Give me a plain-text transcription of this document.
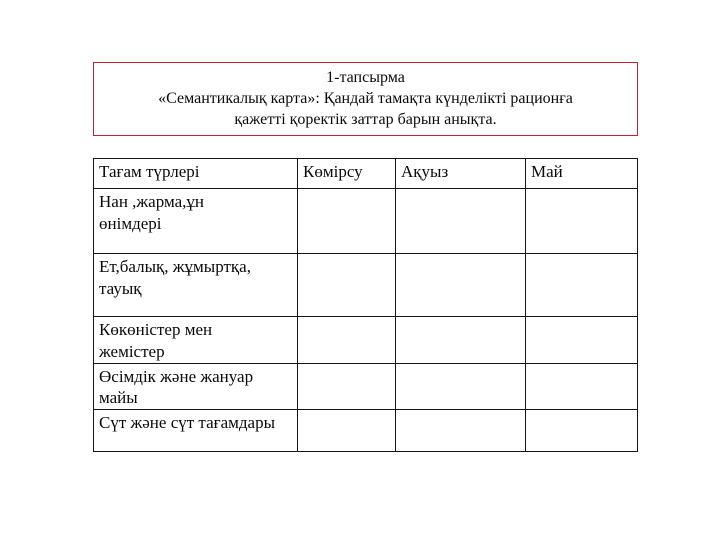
1-тапсырма
«Семантикалық карта»: Қандай тамақта күнделікті рационға
қажетті қоректік заттар барын анықта.
Тағам түрлері	Көмірсу	Ақуыз	Май

Нан ,жарма,ұн
өнімдері			

Ет,балық, жұмыртқа,
тауық			

Көкөністер мен
жемістер			

Өсімдік және жануар
майы			

Сүт және сүт тағамдары			
